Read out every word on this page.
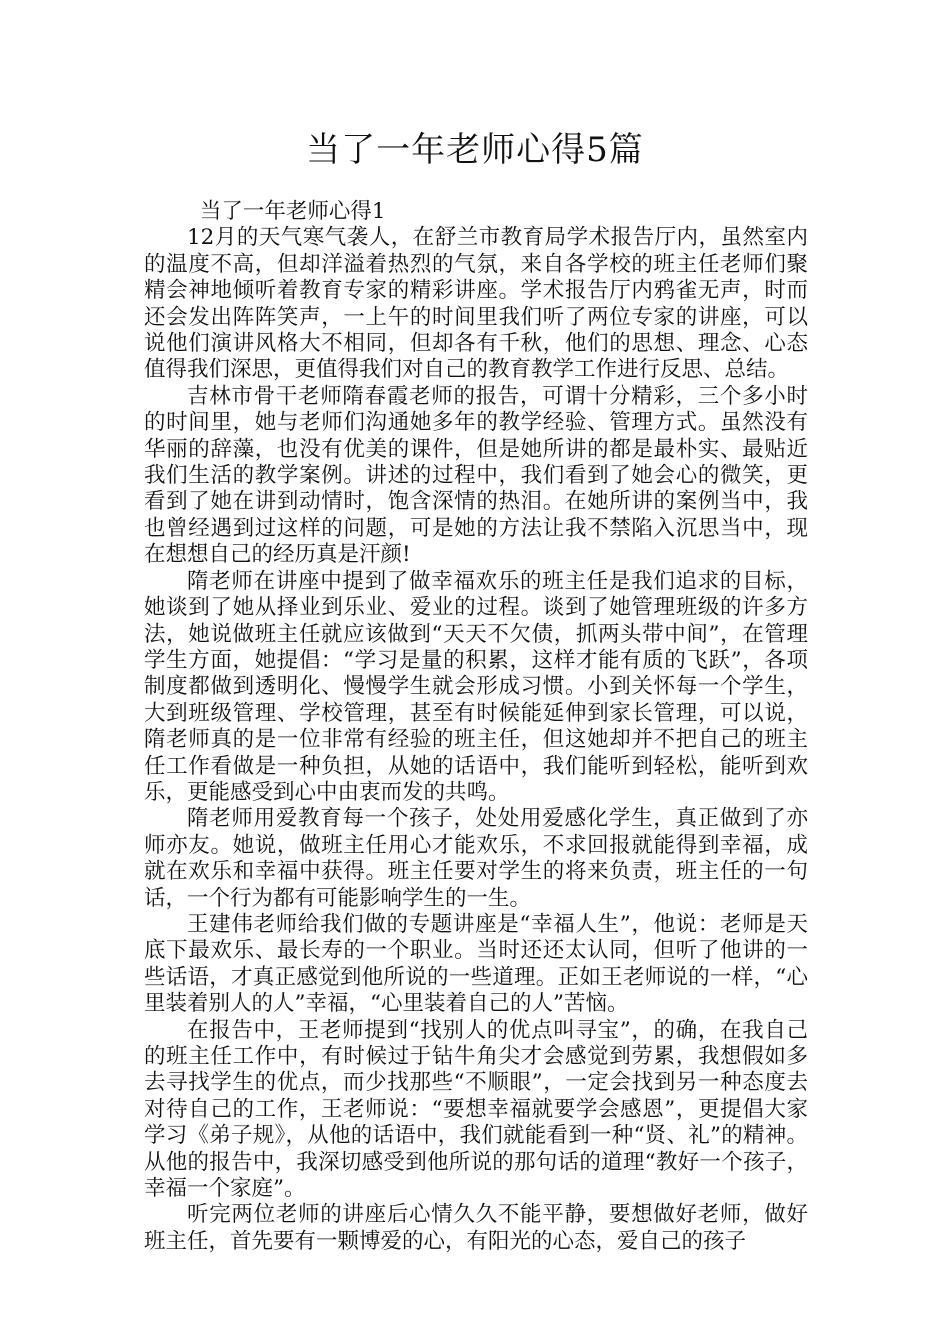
当了一年老师心得5篇

当了一年老师心得1

12月的天气寒气袭人，在舒兰市教育局学术报告厅内，虽然室内的温度不高，但却洋溢着热烈的气氛，来自各学校的班主任老师们聚精会神地倾听着教育专家的精彩讲座。学术报告厅内鸦雀无声，时而还会发出阵阵笑声，一上午的时间里我们听了两位专家的讲座，可以说他们演讲风格大不相同，但却各有千秋，他们的思想、理念、心态值得我们深思，更值得我们对自己的教育教学工作进行反思、总结。

吉林市骨干老师隋春霞老师的报告，可谓十分精彩，三个多小时的时间里，她与老师们沟通她多年的教学经验、管理方式。虽然没有华丽的辞藻，也没有优美的课件，但是她所讲的都是最朴实、最贴近我们生活的教学案例。讲述的过程中，我们看到了她会心的微笑，更看到了她在讲到动情时，饱含深情的热泪。在她所讲的案例当中，我也曾经遇到过这样的问题，可是她的方法让我不禁陷入沉思当中，现在想想自己的经历真是汗颜!

隋老师在讲座中提到了做幸福欢乐的班主任是我们追求的目标，她谈到了她从择业到乐业、爱业的过程。谈到了她管理班级的许多方法，她说做班主任就应该做到“天天不欠债，抓两头带中间”，在管理学生方面，她提倡：“学习是量的积累，这样才能有质的飞跃”，各项制度都做到透明化、慢慢学生就会形成习惯。小到关怀每一个学生，大到班级管理、学校管理，甚至有时候能延伸到家长管理，可以说，隋老师真的是一位非常有经验的班主任，但这她却并不把自己的班主任工作看做是一种负担，从她的话语中，我们能听到轻松，能听到欢乐，更能感受到心中由衷而发的共鸣。

隋老师用爱教育每一个孩子，处处用爱感化学生，真正做到了亦师亦友。她说，做班主任用心才能欢乐，不求回报就能得到幸福，成就在欢乐和幸福中获得。班主任要对学生的将来负责，班主任的一句话，一个行为都有可能影响学生的一生。

王建伟老师给我们做的专题讲座是“幸福人生”，他说：老师是天底下最欢乐、最长寿的一个职业。当时还还太认同，但听了他讲的一些话语，才真正感觉到他所说的一些道理。正如王老师说的一样，“心里装着别人的人”幸福，“心里装着自己的人”苦恼。

在报告中，王老师提到“找别人的优点叫寻宝”，的确，在我自己的班主任工作中，有时候过于钻牛角尖才会感觉到劳累，我想假如多去寻找学生的优点，而少找那些“不顺眼”，一定会找到另一种态度去对待自己的工作，王老师说：“要想幸福就要学会感恩”，更提倡大家学习《弟子规》，从他的话语中，我们就能看到一种“贤、礼”的精神。从他的报告中，我深切感受到他所说的那句话的道理“教好一个孩子，幸福一个家庭”。

听完两位老师的讲座后心情久久不能平静，要想做好老师，做好班主任，首先要有一颗博爱的心，有阳光的心态，爱自己的孩子
